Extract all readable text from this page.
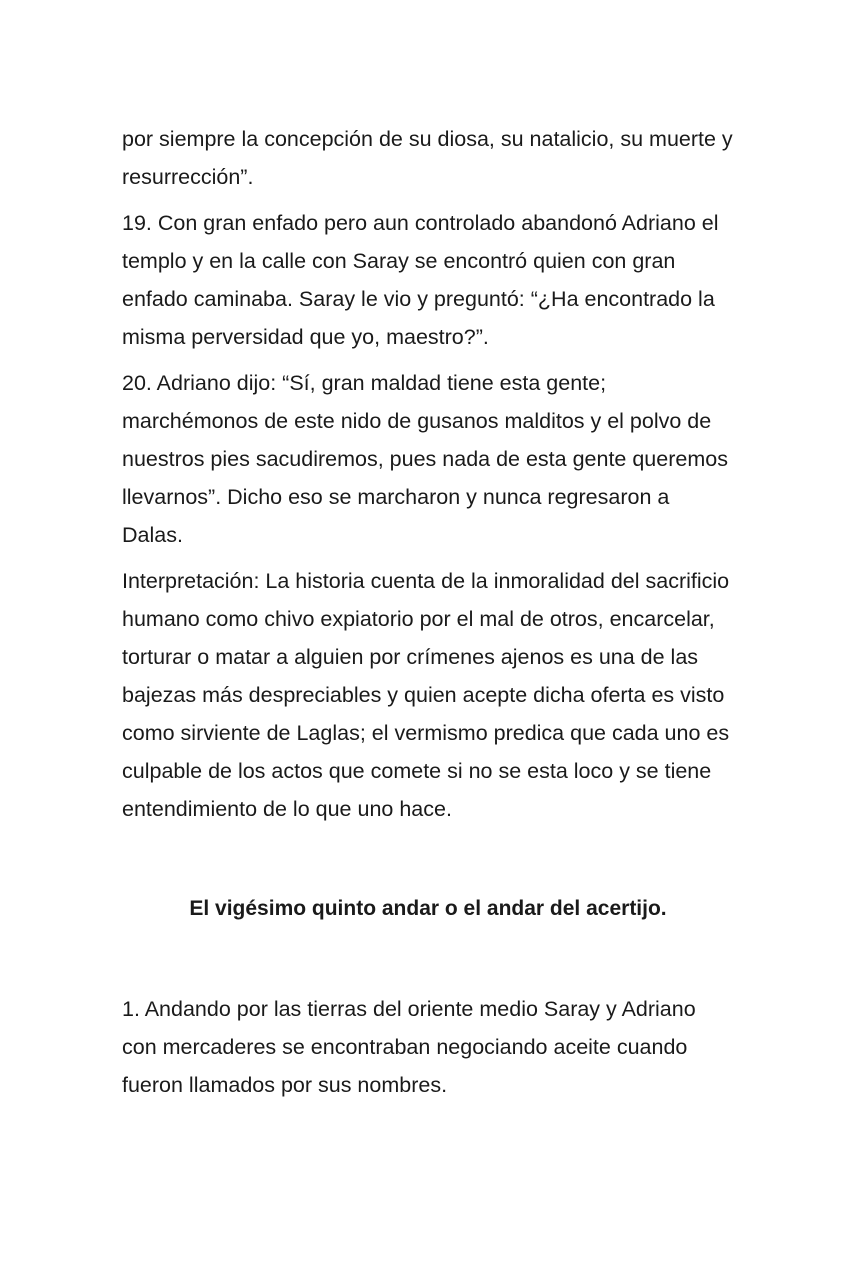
por siempre la concepción de su diosa, su natalicio, su muerte y resurrección”.

19. Con gran enfado pero aun controlado abandonó Adriano el templo y en la calle con Saray se encontró quien con gran enfado caminaba. Saray le vio y preguntó: “¿Ha encontrado la misma perversidad que yo, maestro?”.

20. Adriano dijo: “Sí, gran maldad tiene esta gente; marchémonos de este nido de gusanos malditos y el polvo de nuestros pies sacudiremos, pues nada de esta gente queremos llevarnos”. Dicho eso se marcharon y nunca regresaron a Dalas.

Interpretación: La historia cuenta de la inmoralidad del sacrificio humano como chivo expiatorio por el mal de otros, encarcelar, torturar o matar a alguien por crímenes ajenos es una de las bajezas más despreciables y quien acepte dicha oferta es visto como sirviente de Laglas; el vermismo predica que cada uno es culpable de los actos que comete si no se esta loco y se tiene entendimiento de lo que uno hace.

El vigésimo quinto andar o el andar del acertijo.

1. Andando por las tierras del oriente medio Saray y Adriano con mercaderes se encontraban negociando aceite cuando fueron llamados por sus nombres.
